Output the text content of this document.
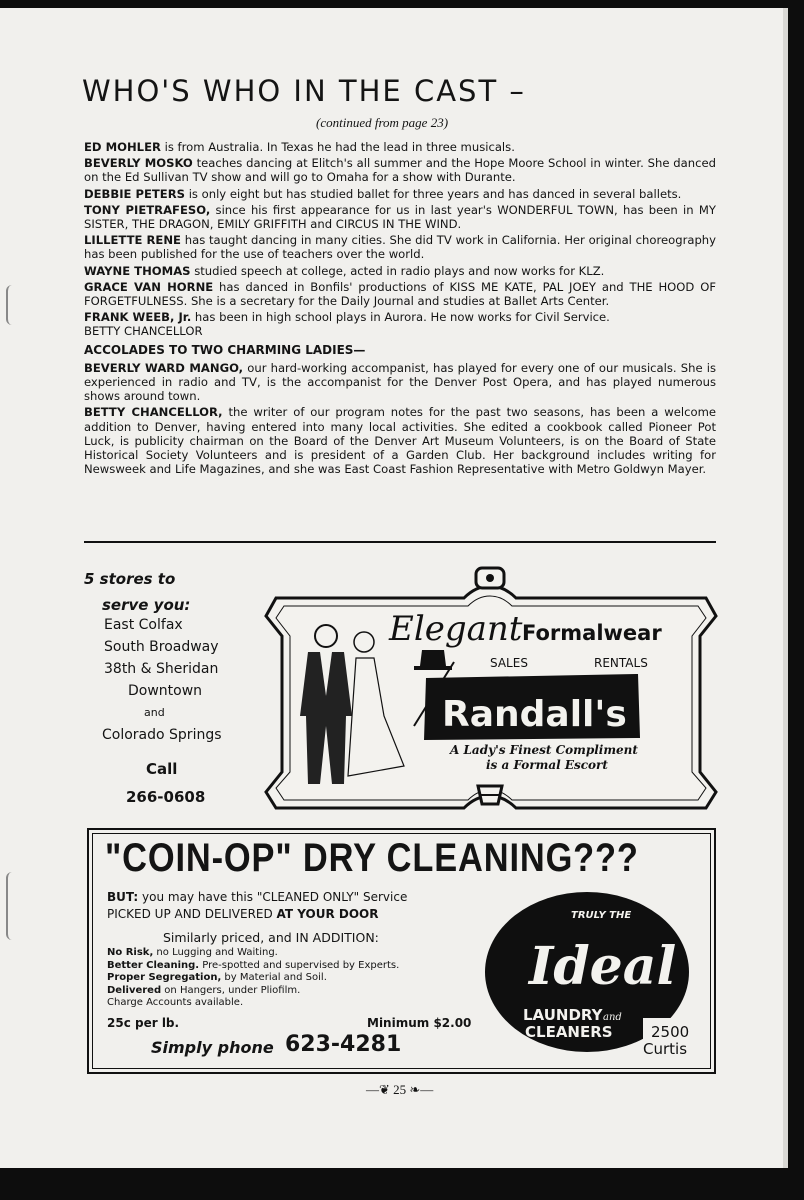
WHO'S WHO IN THE CAST –
(continued from page 23)

ED MOHLER is from Australia. In Texas he had the lead in three musicals.

BEVERLY MOSKO teaches dancing at Elitch's all summer and the Hope Moore School in winter. She danced on the Ed Sullivan TV show and will go to Omaha for a show with Durante.

DEBBIE PETERS is only eight but has studied ballet for three years and has danced in several ballets.

TONY PIETRAFESO, since his first appearance for us in last year's WONDERFUL TOWN, has been in MY SISTER, THE DRAGON, EMILY GRIFFITH and CIRCUS IN THE WIND.

LILLETTE RENE has taught dancing in many cities. She did TV work in California. Her original choreography has been published for the use of teachers over the world.

WAYNE THOMAS studied speech at college, acted in radio plays and now works for KLZ.

GRACE VAN HORNE has danced in Bonfils' productions of KISS ME KATE, PAL JOEY and THE HOOD OF FORGETFULNESS. She is a secretary for the Daily Journal and studies at Ballet Arts Center.

FRANK WEEB, Jr. has been in high school plays in Aurora. He now works for Civil Service.

BETTY CHANCELLOR

ACCOLADES TO TWO CHARMING LADIES—

BEVERLY WARD MANGO, our hard-working accompanist, has played for every one of our musicals. She is experienced in radio and TV, is the accompanist for the Denver Post Opera, and has played numerous shows around town.

BETTY CHANCELLOR, the writer of our program notes for the past two seasons, has been a welcome addition to Denver, having entered into many local activities. She edited a cookbook called Pioneer Pot Luck, is publicity chairman on the Board of the Denver Art Museum Volunteers, is on the Board of State Historical Society Volunteers and is president of a Garden Club. Her background includes writing for Newsweek and Life Magazines, and she was East Coast Fashion Representative with Metro Goldwyn Mayer.

5 stores to
serve you:
East Colfax
South Broadway
38th & Sheridan
Downtown
and
Colorado Springs
Call
266-0608
Elegant Formalwear
SALES	RENTALS
Randall's
A Lady's Finest Compliment
is a Formal Escort
"COIN-OP" DRY CLEANING???
BUT: you may have this "CLEANED ONLY" Service
PICKED UP AND DELIVERED AT YOUR DOOR
Similarly priced, and IN ADDITION:
No Risk, no Lugging and Waiting.
Better Cleaning. Pre-spotted and supervised by Experts.
Proper Segregation, by Material and Soil.
Delivered on Hangers, under Pliofilm.
Charge Accounts available.
25c per lb.	Minimum $2.00
Simply phone 623-4281
TRULY THE
Ideal
LAUNDRY and
CLEANERS	2500
Curtis
—❦ 25 ❧—
